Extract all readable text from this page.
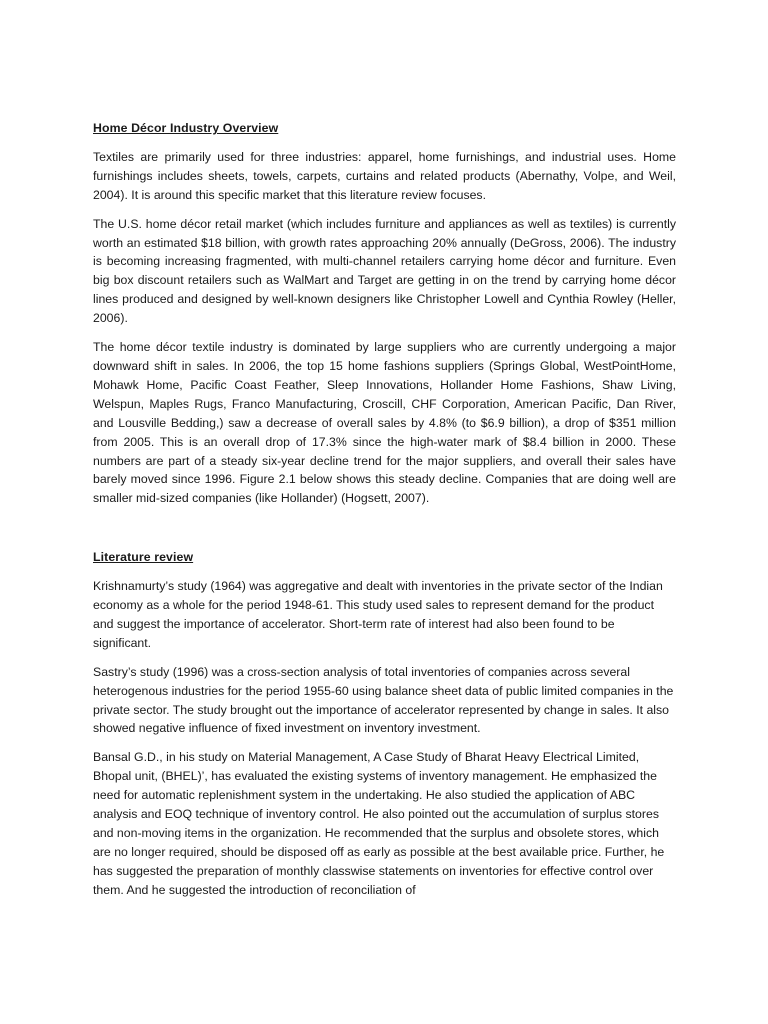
Home Décor Industry Overview

Textiles are primarily used for three industries: apparel, home furnishings, and industrial uses. Home furnishings includes sheets, towels, carpets, curtains and related products (Abernathy, Volpe, and Weil, 2004). It is around this specific market that this literature review focuses.

The U.S. home décor retail market (which includes furniture and appliances as well as textiles) is currently worth an estimated $18 billion, with growth rates approaching 20% annually (DeGross, 2006). The industry is becoming increasing fragmented, with multi-channel retailers carrying home décor and furniture. Even big box discount retailers such as WalMart and Target are getting in on the trend by carrying home décor lines produced and designed by well-known designers like Christopher Lowell and Cynthia Rowley (Heller, 2006).

The home décor textile industry is dominated by large suppliers who are currently undergoing a major downward shift in sales. In 2006, the top 15 home fashions suppliers (Springs Global, WestPointHome, Mohawk Home, Pacific Coast Feather, Sleep Innovations, Hollander Home Fashions, Shaw Living, Welspun, Maples Rugs, Franco Manufacturing, Croscill, CHF Corporation, American Pacific, Dan River, and Lousville Bedding,) saw a decrease of overall sales by 4.8% (to $6.9 billion), a drop of $351 million from 2005. This is an overall drop of 17.3% since the high-water mark of $8.4 billion in 2000. These numbers are part of a steady six-year decline trend for the major suppliers, and overall their sales have barely moved since 1996. Figure 2.1 below shows this steady decline. Companies that are doing well are smaller mid-sized companies (like Hollander) (Hogsett, 2007).

Literature review

Krishnamurty’s study (1964) was aggregative and dealt with inventories in the private sector of the Indian economy as a whole for the period 1948-61. This study used sales to represent demand for the product and suggest the importance of accelerator. Short-term rate of interest had also been found to be significant.

Sastry’s study (1996) was a cross-section analysis of total inventories of companies across several heterogenous industries for the period 1955-60 using balance sheet data of public limited companies in the private sector. The study brought out the importance of accelerator represented by change in sales. It also showed negative influence of fixed investment on inventory investment.

Bansal G.D., in his study on Material Management, A Case Study of Bharat Heavy Electrical Limited, Bhopal unit, (BHEL)’, has evaluated the existing systems of inventory management. He emphasized the need for automatic replenishment system in the undertaking. He also studied the application of ABC analysis and EOQ technique of inventory control. He also pointed out the accumulation of surplus stores and non-moving items in the organization. He recommended that the surplus and obsolete stores, which are no longer required, should be disposed off as early as possible at the best available price. Further, he has suggested the preparation of monthly classwise statements on inventories for effective control over them. And he suggested the introduction of reconciliation of
